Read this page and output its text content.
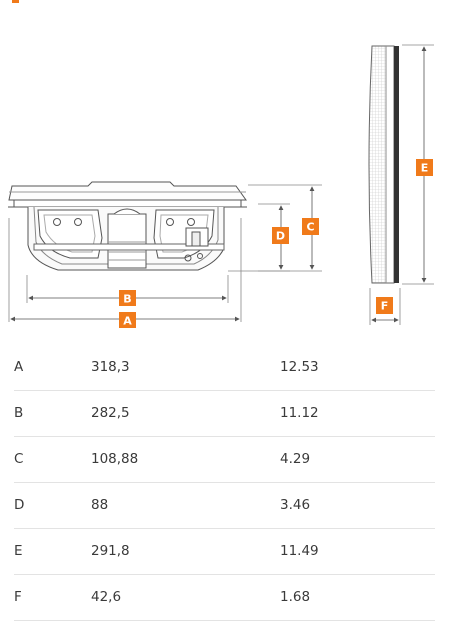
A
B
C
D
E
F
A	318,3	12.53
B	282,5	11.12
C	108,88	4.29
D	88	3.46
E	291,8	11.49
F	42,6	1.68
